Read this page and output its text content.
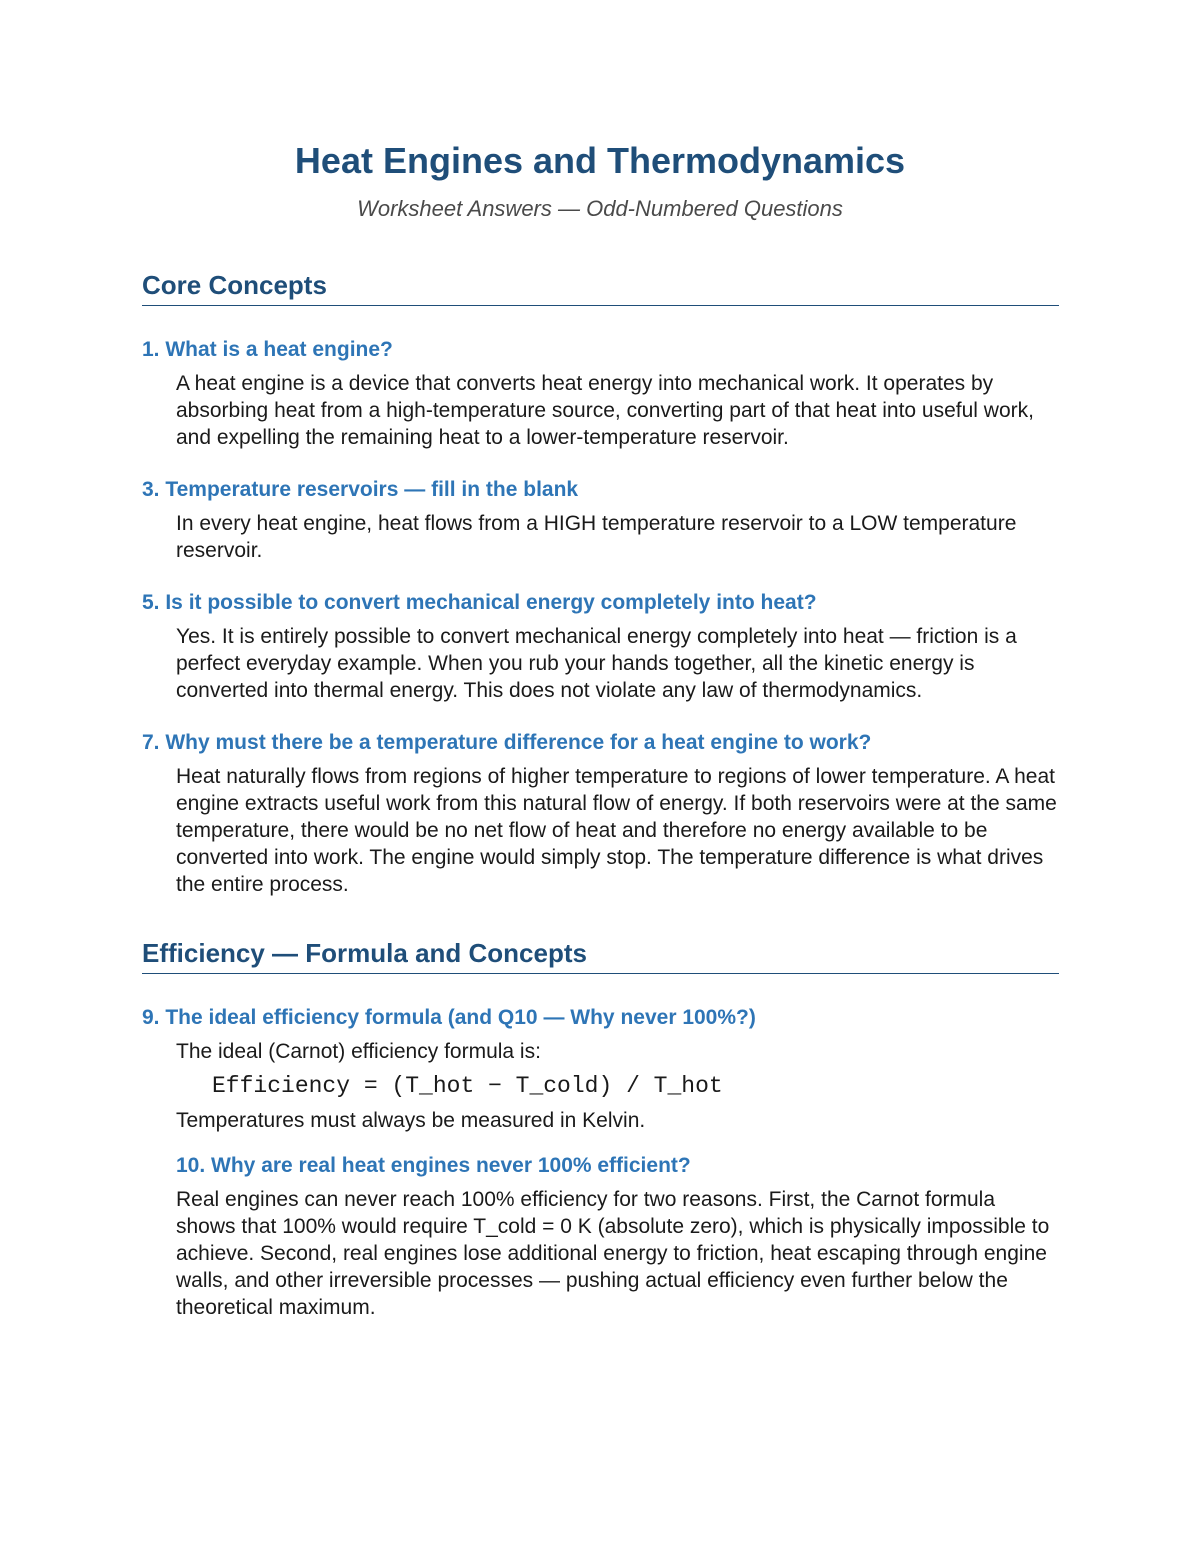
Heat Engines and Thermodynamics

Worksheet Answers — Odd-Numbered Questions

Core Concepts

1. What is a heat engine?

A heat engine is a device that converts heat energy into mechanical work. It operates by absorbing heat from a high-temperature source, converting part of that heat into useful work, and expelling the remaining heat to a lower-temperature reservoir.

3. Temperature reservoirs — fill in the blank

In every heat engine, heat flows from a HIGH temperature reservoir to a LOW temperature reservoir.

5. Is it possible to convert mechanical energy completely into heat?

Yes. It is entirely possible to convert mechanical energy completely into heat — friction is a perfect everyday example. When you rub your hands together, all the kinetic energy is converted into thermal energy. This does not violate any law of thermodynamics.

7. Why must there be a temperature difference for a heat engine to work?

Heat naturally flows from regions of higher temperature to regions of lower temperature. A heat engine extracts useful work from this natural flow of energy. If both reservoirs were at the same temperature, there would be no net flow of heat and therefore no energy available to be converted into work. The engine would simply stop. The temperature difference is what drives the entire process.

Efficiency — Formula and Concepts

9. The ideal efficiency formula (and Q10 — Why never 100%?)

The ideal (Carnot) efficiency formula is:

Efficiency = (T_hot − T_cold) / T_hot

Temperatures must always be measured in Kelvin.

10. Why are real heat engines never 100% efficient?

Real engines can never reach 100% efficiency for two reasons. First, the Carnot formula shows that 100% would require T_cold = 0 K (absolute zero), which is physically impossible to achieve. Second, real engines lose additional energy to friction, heat escaping through engine walls, and other irreversible processes — pushing actual efficiency even further below the theoretical maximum.
